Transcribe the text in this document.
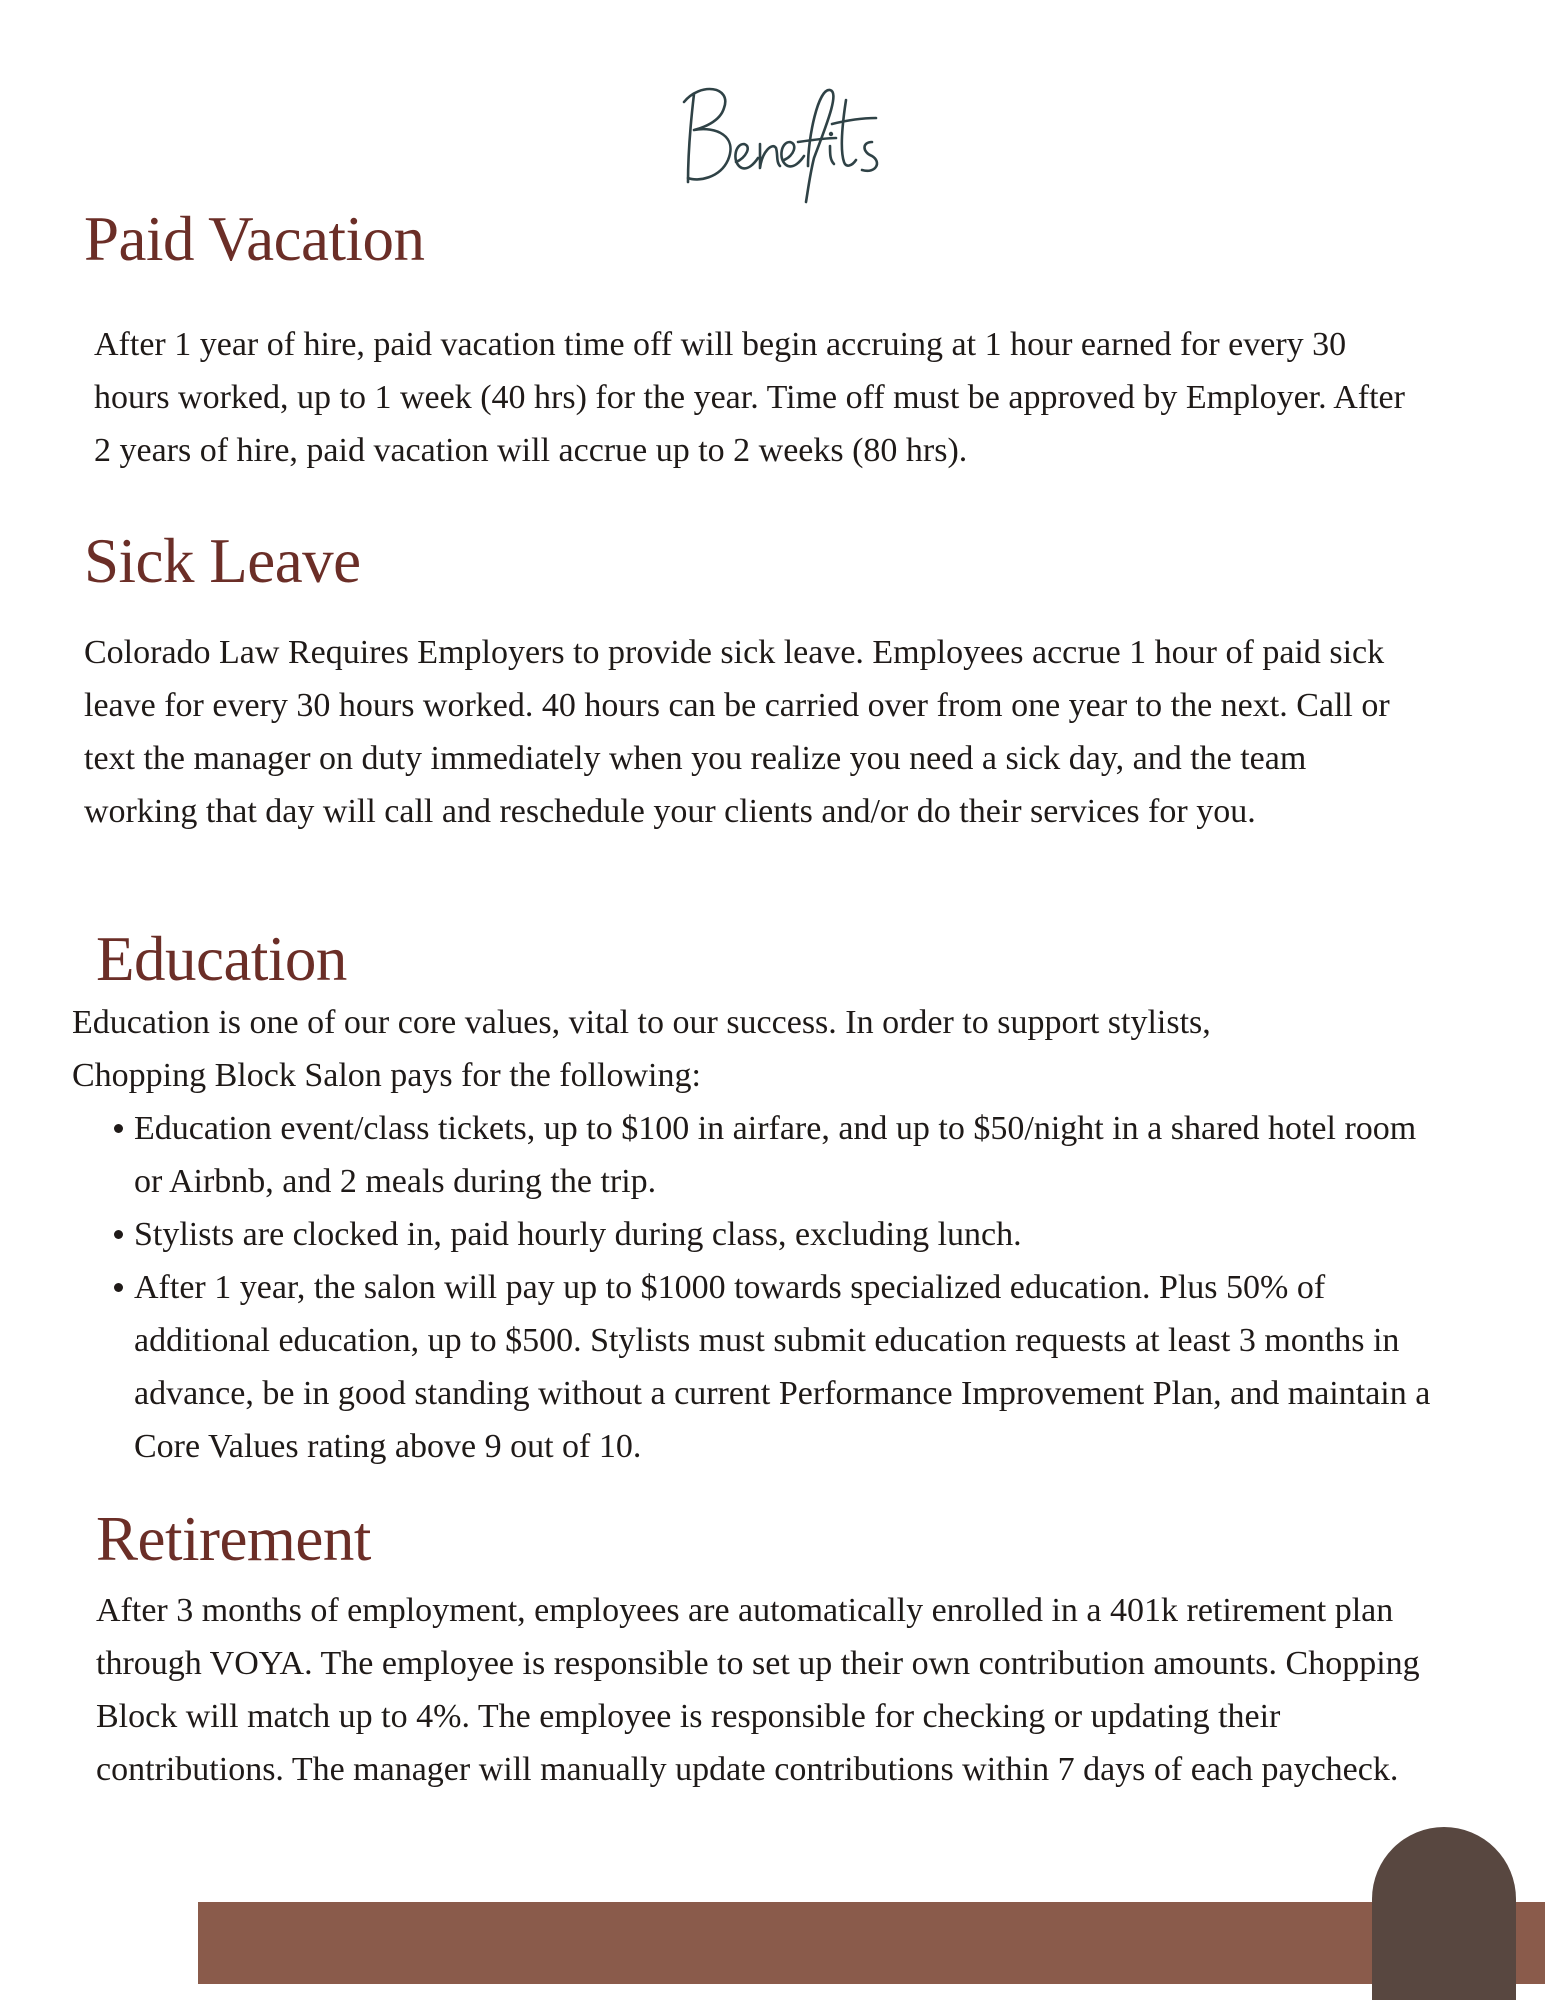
Paid Vacation

After 1 year of hire, paid vacation time off will begin accruing at 1 hour earned for every 30 hours worked, up to 1 week (40 hrs) for the year. Time off must be approved by Employer. After 2 years of hire, paid vacation will accrue up to 2 weeks (80 hrs).

Sick Leave

Colorado Law Requires Employers to provide sick leave. Employees accrue 1 hour of paid sick leave for every 30 hours worked. 40 hours can be carried over from one year to the next. Call or text the manager on duty immediately when you realize you need a sick day, and the team working that day will call and reschedule your clients and/or do their services for you.

Education

Education is one of our core values, vital to our success. In order to support stylists, Chopping Block Salon pays for the following:

Education event/class tickets, up to $100 in airfare, and up to $50/night in a shared hotel room or Airbnb, and 2 meals during the trip.
Stylists are clocked in, paid hourly during class, excluding lunch.
After 1 year, the salon will pay up to $1000 towards specialized education. Plus 50% of additional education, up to $500. Stylists must submit education requests at least 3 months in advance, be in good standing without a current Performance Improvement Plan, and maintain a Core Values rating above 9 out of 10.
Retirement

After 3 months of employment, employees are automatically enrolled in a 401k retirement plan through VOYA. The employee is responsible to set up their own contribution amounts. Chopping Block will match up to 4%. The employee is responsible for checking or updating their contributions. The manager will manually update contributions within 7 days of each paycheck.
